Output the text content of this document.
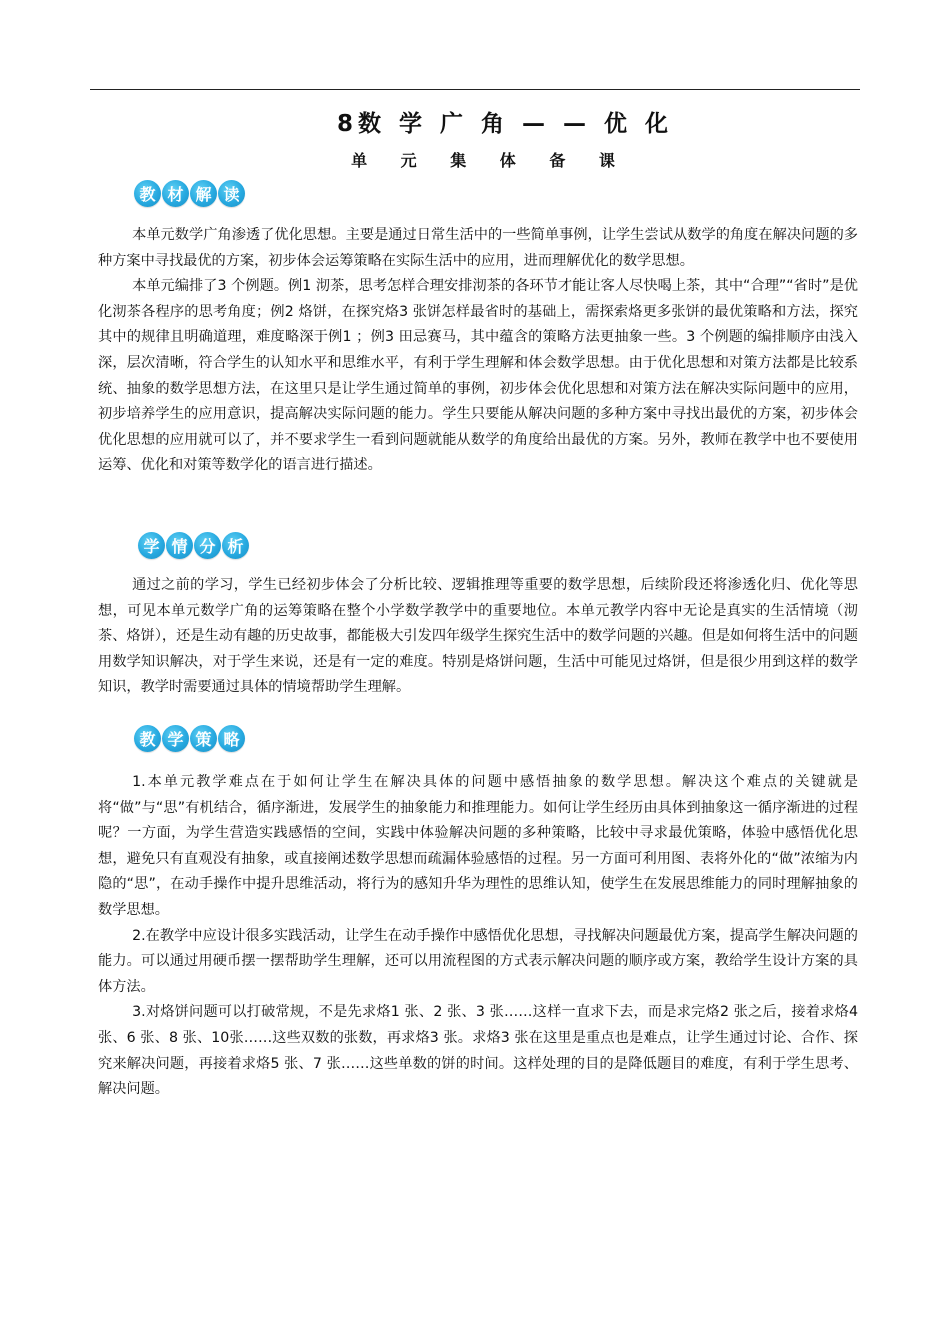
8数 学 广 角 — — 优 化
单 元 集 体 备 课
教 材 解 读

本单元数学广角渗透了优化思想。主要是通过日常生活中的一些简单事例，让学生尝试从数学的角度在解决问题的多种方案中寻找最优的方案，初步体会运筹策略在实际生活中的应用，进而理解优化的数学思想。

本单元编排了3 个例题。例1 沏茶，思考怎样合理安排沏茶的各环节才能让客人尽快喝上茶，其中“合理”“省时”是优化沏茶各程序的思考角度；例2 烙饼，在探究烙3 张饼怎样最省时的基础上，需探索烙更多张饼的最优策略和方法，探究其中的规律且明确道理，难度略深于例1 ；例3 田忌赛马，其中蕴含的策略方法更抽象一些。3 个例题的编排顺序由浅入深，层次清晰，符合学生的认知水平和思维水平，有利于学生理解和体会数学思想。由于优化思想和对策方法都是比较系统、抽象的数学思想方法，在这里只是让学生通过简单的事例，初步体会优化思想和对策方法在解决实际问题中的应用，初步培养学生的应用意识，提高解决实际问题的能力。学生只要能从解决问题的多种方案中寻找出最优的方案，初步体会优化思想的应用就可以了，并不要求学生一看到问题就能从数学的角度给出最优的方案。另外，教师在教学中也不要使用运筹、优化和对策等数学化的语言进行描述。

学 情 分 析

通过之前的学习，学生已经初步体会了分析比较、逻辑推理等重要的数学思想，后续阶段还将渗透化归、优化等思想，可见本单元数学广角的运筹策略在整个小学数学教学中的重要地位。本单元教学内容中无论是真实的生活情境（沏茶、烙饼），还是生动有趣的历史故事，都能极大引发四年级学生探究生活中的数学问题的兴趣。但是如何将生活中的问题用数学知识解决，对于学生来说，还是有一定的难度。特别是烙饼问题，生活中可能见过烙饼，但是很少用到这样的数学知识，教学时需要通过具体的情境帮助学生理解。

教 学 策 略

1.本单元教学难点在于如何让学生在解决具体的问题中感悟抽象的数学思想。解决这个难点的关键就是将“做”与“思”有机结合，循序渐进，发展学生的抽象能力和推理能力。如何让学生经历由具体到抽象这一循序渐进的过程呢？一方面，为学生营造实践感悟的空间，实践中体验解决问题的多种策略，比较中寻求最优策略，体验中感悟优化思想，避免只有直观没有抽象，或直接阐述数学思想而疏漏体验感悟的过程。另一方面可利用图、表将外化的“做”浓缩为内隐的“思”，在动手操作中提升思维活动，将行为的感知升华为理性的思维认知，使学生在发展思维能力的同时理解抽象的数学思想。

2.在教学中应设计很多实践活动，让学生在动手操作中感悟优化思想，寻找解决问题最优方案，提高学生解决问题的能力。可以通过用硬币摆一摆帮助学生理解，还可以用流程图的方式表示解决问题的顺序或方案，教给学生设计方案的具体方法。

3.对烙饼问题可以打破常规，不是先求烙1 张、2 张、3 张……这样一直求下去，而是求完烙2 张之后，接着求烙4 张、6 张、8 张、10张……这些双数的张数，再求烙3 张。求烙3 张在这里是重点也是难点，让学生通过讨论、合作、探究来解决问题，再接着求烙5 张、7 张……这些单数的饼的时间。这样处理的目的是降低题目的难度，有利于学生思考、解决问题。
